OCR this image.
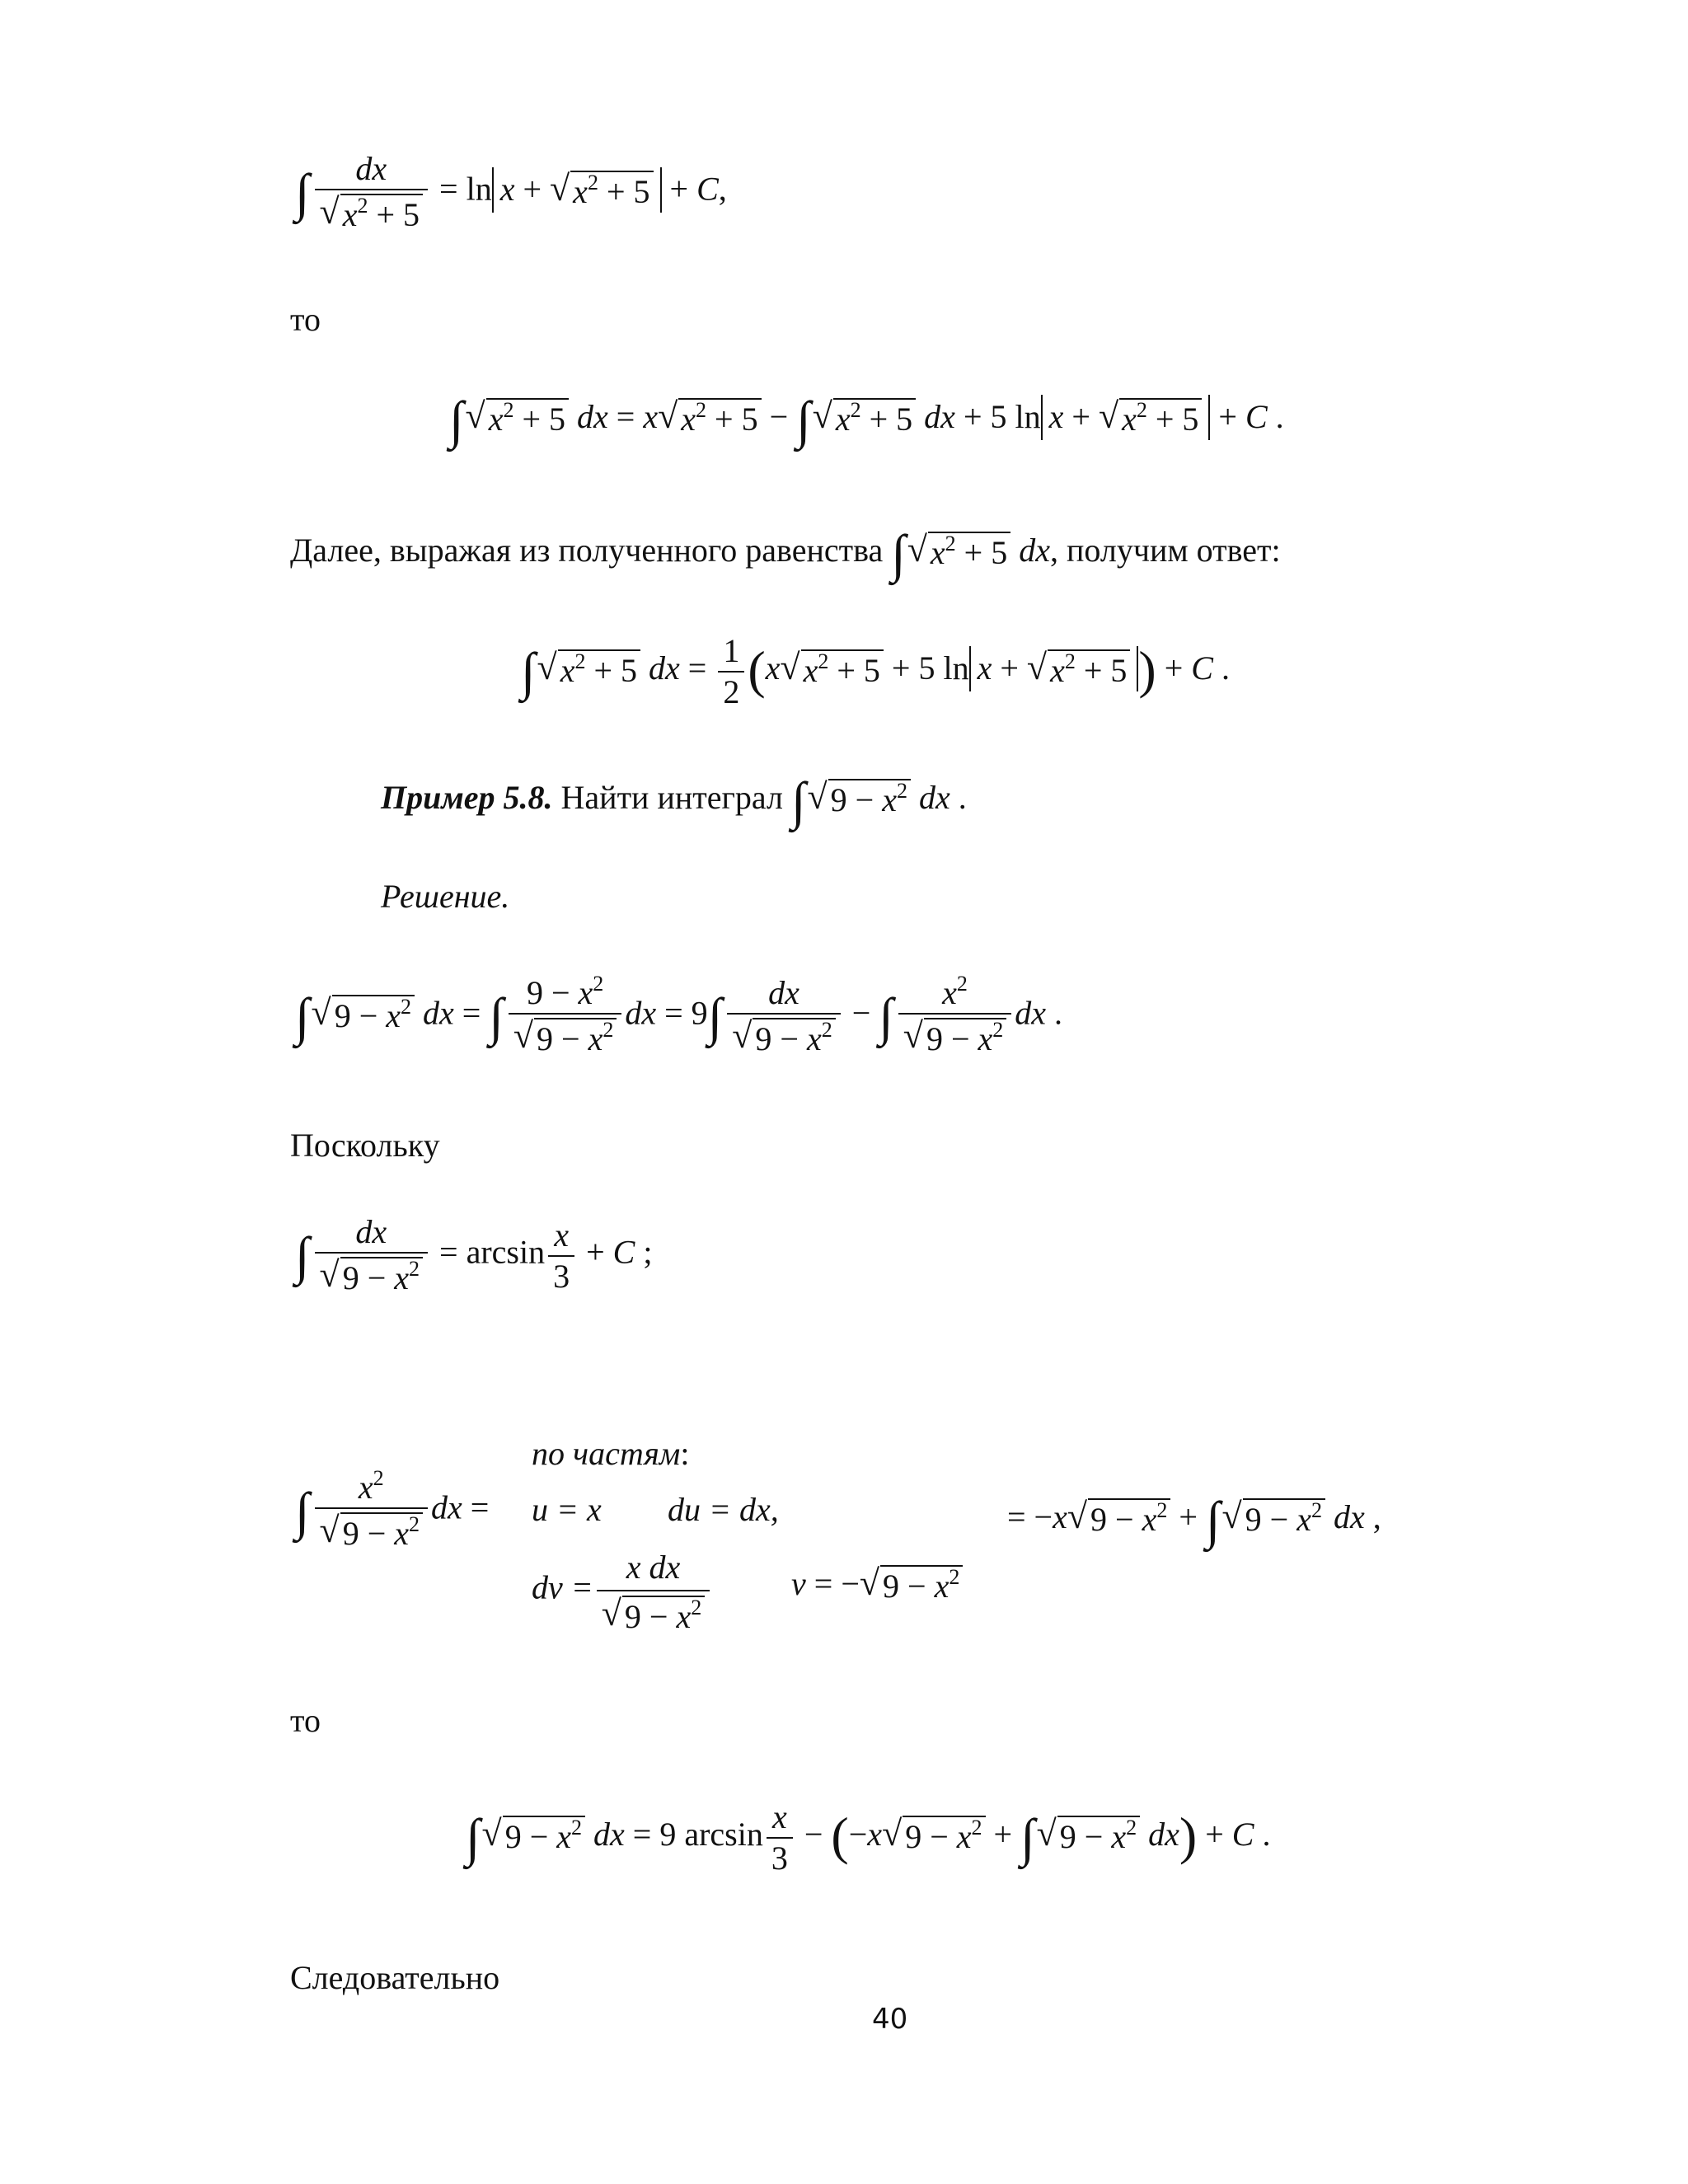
∫ $\frac{dx}{√ x^2 + 5} = \ln x$ + √ $x^2 + 5 + C$,
то
∫ √ $x^2 + 5$ dx = x √ $x^2 + 5$ − ∫ √ $x^2 + 5$ dx + 5 ln x + √ $x^2 + 5 + C$ .
Далее, выражая из полученного равенства ∫ √ $x^2 + 5$ dx, получим ответ:
∫ √ $x^2 + 5$ dx = $\frac{1}{2} (x$ √ $x^2 + 5 + 5$ ln x + √ $x^2 + 5$ ) + C .
Пример 5.8. Найти интеграл ∫ √ $9 - x^2$ dx .
Решение.
∫ √ $9 - x^2$ dx = ∫ $\frac{9 - x^2}{√ 9 - x^2}$ dx = $9\int \frac{dx}{√ 9 - x^2}$ − ∫ $\frac{x^2}{√ 9 - x^2}$ dx .
Поскольку
∫ $\frac{dx}{√ 9 - x^2} = \arcsin \frac{x}{3} + C$ ;
∫ $\frac{x^2}{√ 9 - x^2}$ dx =
по частям:
u = x du = dx,
dv = $\frac{\text{x dx}}{√ 9 - x^2}$ v = − √ $9 - x^2$
= −x √ $9 - x^2$ + ∫ √ $9 - x^2$ dx ,
то
∫ √ $9 - x^2$ dx = 9 $\arcsin \frac{x}{3} - (-x$ √ $9 - x^2$ + ∫ √ $9 - x^2$ dx) + C .
Следовательно
40
